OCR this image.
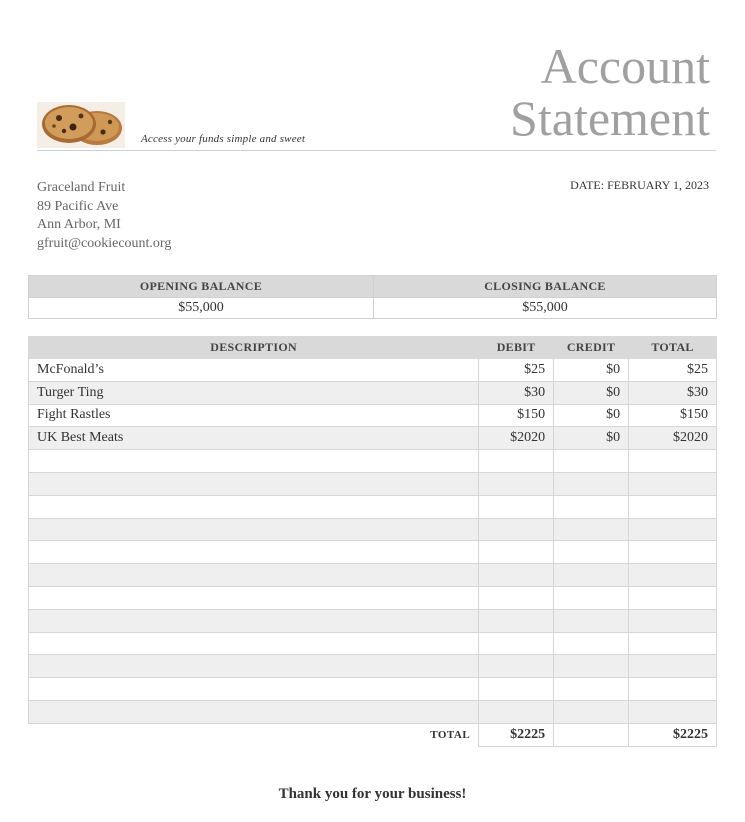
Access your funds simple and sweet
Account
Statement
Graceland Fruit
89 Pacific Ave
Ann Arbor, MI
gfruit@cookiecount.org
DATE: FEBRUARY 1, 2023
OPENING BALANCE	CLOSING BALANCE
$55,000	$55,000
DESCRIPTION	DEBIT	CREDIT	TOTAL
McFonald’s	$25	$0	$25
Turger Ting	$30	$0	$30
Fight Rastles	$150	$0	$150
UK Best Meats	$2020	$0	$2020

TOTAL	$2225		$2225
Thank you for your business!
